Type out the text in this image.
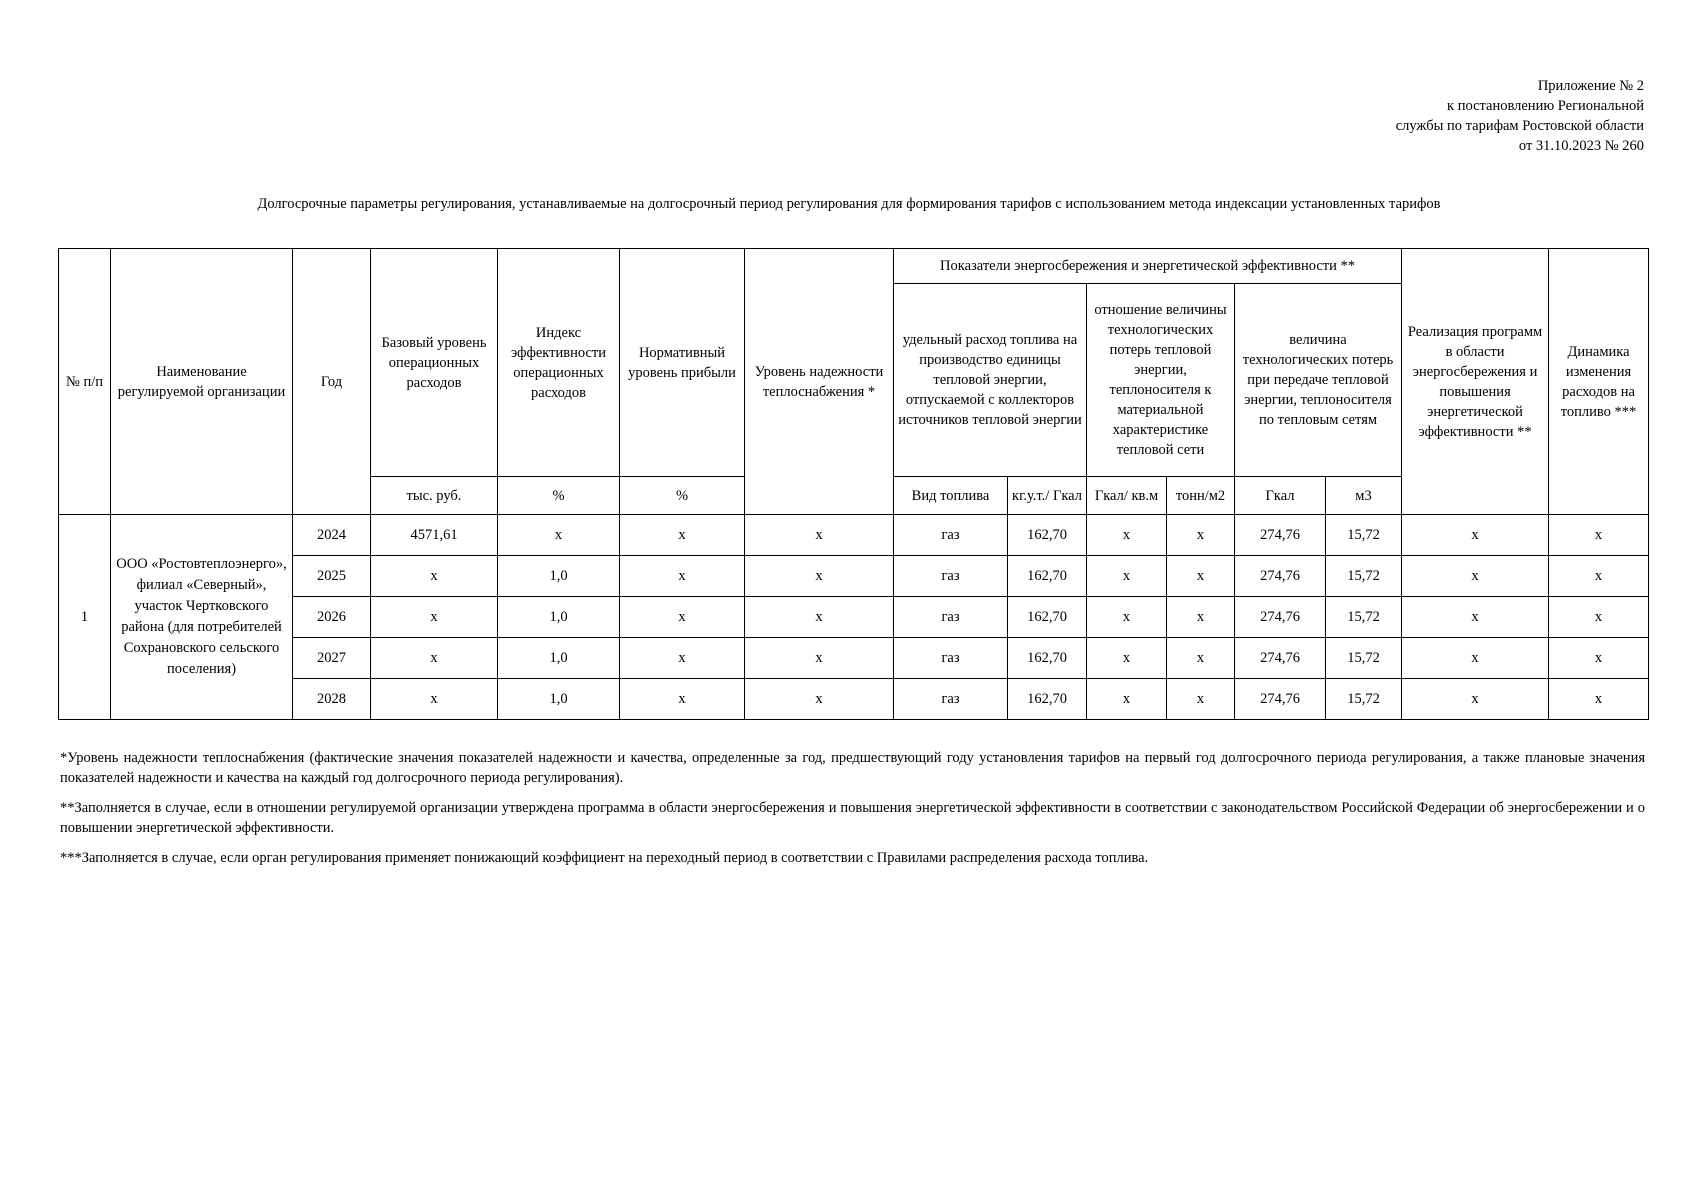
Приложение № 2
к постановлению Региональной
службы по тарифам Ростовской области
от 31.10.2023 № 260
Долгосрочные параметры регулирования, устанавливаемые на долгосрочный период регулирования для формирования тарифов с использованием метода индексации установленных тарифов
№ п/п	Наименование регулируемой организации	Год	Базовый уровень операционных расходов	Индекс эффективности операционных расходов	Нормативный уровень прибыли	Уровень надежности теплоснабжения *	Показатели энергосбережения и энергетической эффективности **						Реализация программ в области энергосбережения и повышения энергетической эффективности **	Динамика изменения расходов на топливо ***
							удельный расход топлива на производство единицы тепловой энергии, отпускаемой с коллекторов источников тепловой энергии		отношение величины технологических потерь тепловой энергии, теплоносителя к материальной характеристике тепловой сети		величина технологических потерь при передаче тепловой энергии, теплоносителя по тепловым сетям			
			тыс. руб.	%	%		Вид топлива	кг.у.т./ Гкал	Гкал/ кв.м	тонн/м2	Гкал	м3		
1	ООО «Ростовтеплоэнерго», филиал «Северный», участок Чертковского района (для потребителей Сохрановского сельского поселения)	2024	4571,61	х	х	х	газ	162,70	х	х	274,76	15,72	х	х
		2025	х	1,0	х	х	газ	162,70	х	х	274,76	15,72	х	х
		2026	х	1,0	х	х	газ	162,70	х	х	274,76	15,72	х	х
		2027	х	1,0	х	х	газ	162,70	х	х	274,76	15,72	х	х
		2028	х	1,0	х	х	газ	162,70	х	х	274,76	15,72	х	х

*Уровень надежности теплоснабжения (фактические значения показателей надежности и качества, определенные за год, предшествующий году установления тарифов на первый год долгосрочного периода регулирования, а также плановые значения показателей надежности и качества на каждый год долгосрочного периода регулирования).

**Заполняется в случае, если в отношении регулируемой организации утверждена программа в области энергосбережения и повышения энергетической эффективности в соответствии с законодательством Российской Федерации об энергосбережении и о повышении энергетической эффективности.

***Заполняется в случае, если орган регулирования применяет понижающий коэффициент на переходный период в соответствии с Правилами распределения расхода топлива.
